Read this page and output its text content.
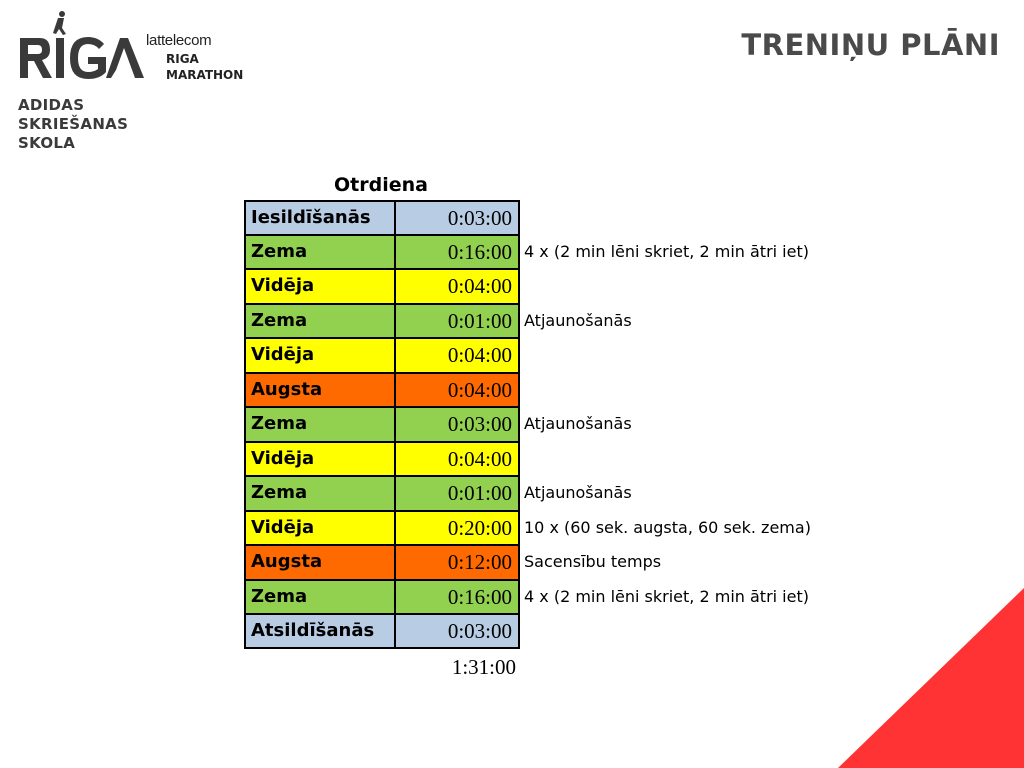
lattelecom
RIGA
MARATHON
ADIDAS
SKRIEŠANAS
SKOLA
TRENIŅU PLĀNI
Otrdiena
Iesildīšanās	0:03:00
Zema	0:16:00 4 x (2 min lēni skriet, 2 min ātri iet)
Vidēja	0:04:00
Zema	0:01:00 Atjaunošanās
Vidēja	0:04:00
Augsta	0:04:00
Zema	0:03:00 Atjaunošanās
Vidēja	0:04:00
Zema	0:01:00 Atjaunošanās
Vidēja	0:20:00 10 x (60 sek. augsta, 60 sek. zema)
Augsta	0:12:00 Sacensību temps
Zema	0:16:00 4 x (2 min lēni skriet, 2 min ātri iet)
Atsildīšanās	0:03:00
1:31:00
